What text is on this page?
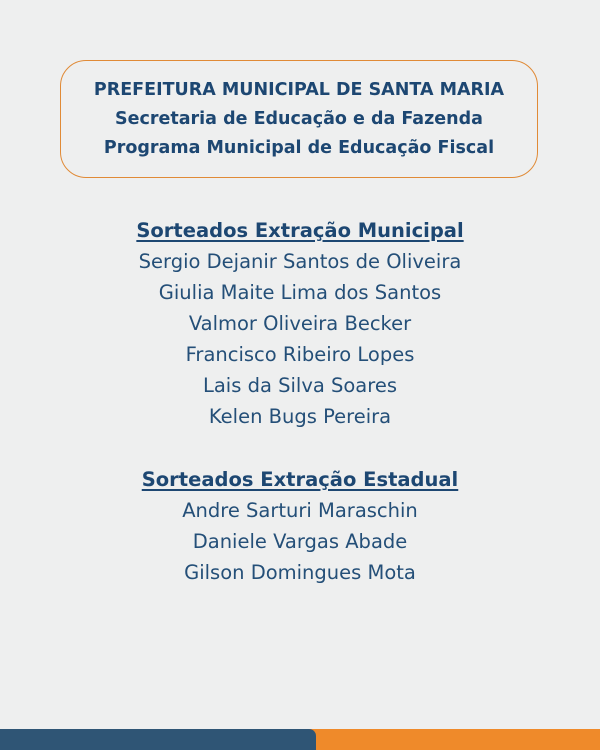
PREFEITURA MUNICIPAL DE SANTA MARIA
Secretaria de Educação e da Fazenda
Programa Municipal de Educação Fiscal
Sorteados Extração Municipal
Sergio Dejanir Santos de Oliveira
Giulia Maite Lima dos Santos
Valmor Oliveira Becker
Francisco Ribeiro Lopes
Lais da Silva Soares
Kelen Bugs Pereira
Sorteados Extração Estadual
Andre Sarturi Maraschin
Daniele Vargas Abade
Gilson Domingues Mota
